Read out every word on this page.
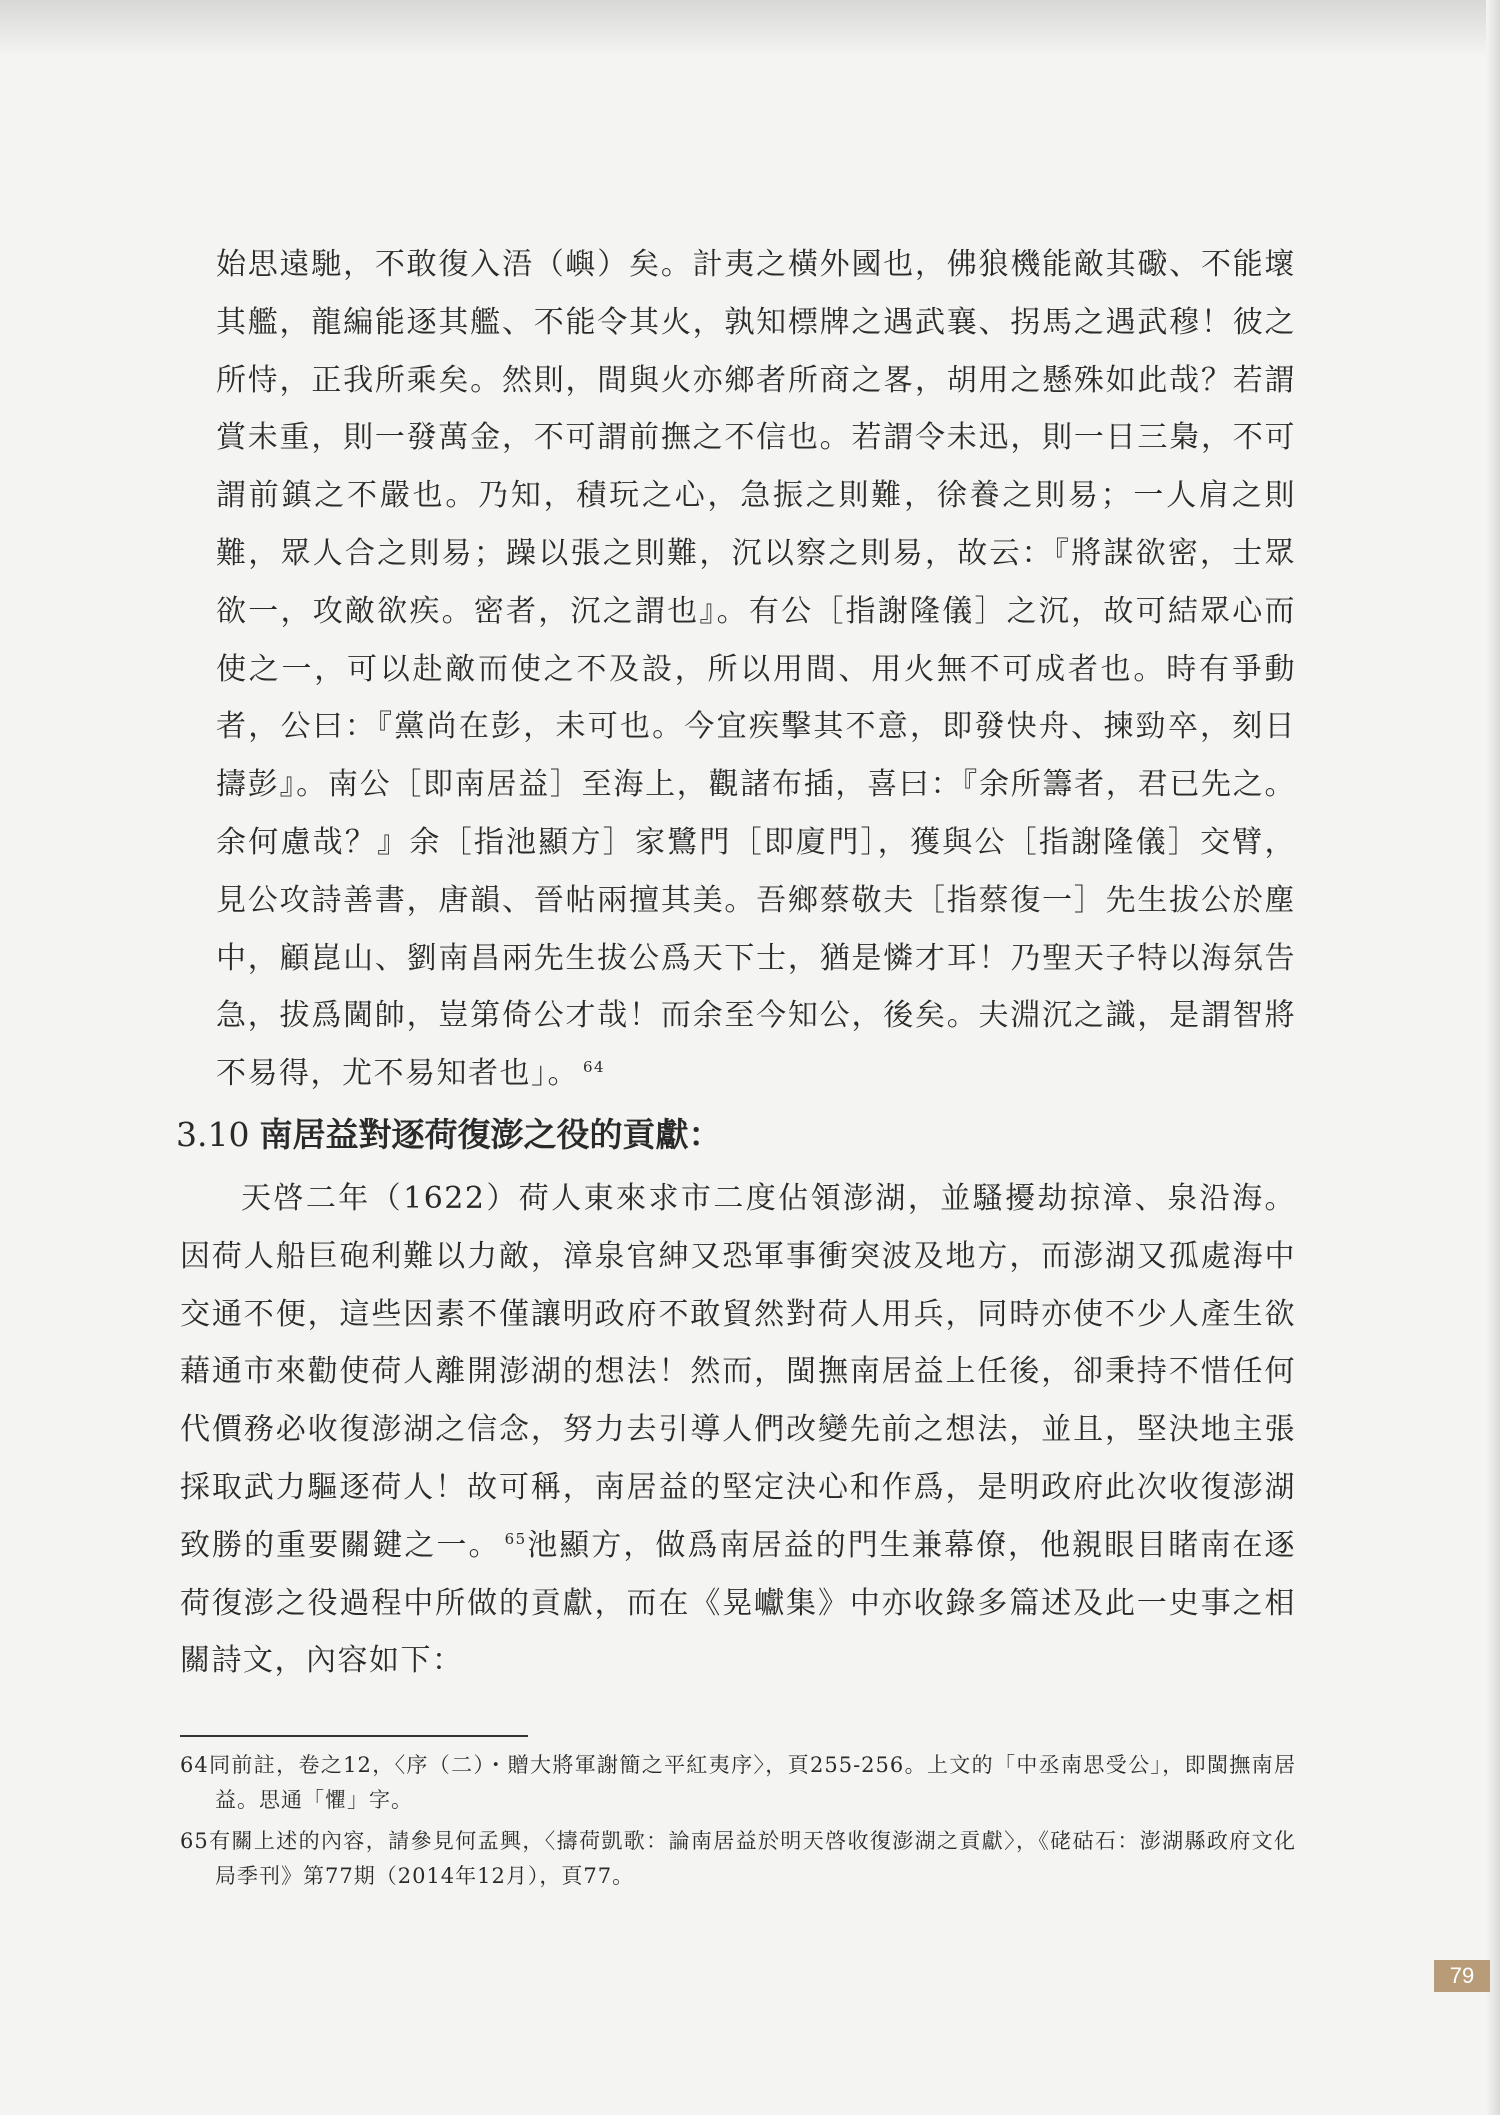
始思遠馳，不敢復入浯（嶼）矣。計夷之橫外國也，佛狼機能敵其礮、不能壞其艦，龍編能逐其艦、不能令其火，孰知標牌之遇武襄、拐馬之遇武穆！彼之所恃，正我所乘矣。然則，間與火亦鄉者所商之畧，胡用之懸殊如此哉？若謂賞未重，則一發萬金，不可謂前撫之不信也。若謂令未迅，則一日三梟，不可謂前鎮之不嚴也。乃知，積玩之心，急振之則難，徐養之則易；一人肩之則難，眾人合之則易；躁以張之則難，沉以察之則易，故云：『將謀欲密，士眾欲一，攻敵欲疾。密者，沉之謂也』。有公［指謝隆儀］之沉，故可結眾心而使之一，可以赴敵而使之不及設，所以用間、用火無不可成者也。時有爭動者，公曰：『黨尚在彭，未可也。今宜疾擊其不意，即發快舟、揀勁卒，刻日擣彭』。南公［即南居益］至海上，觀諸布插，喜曰：『余所籌者，君已先之。余何慮哉？』余［指池顯方］家鷺門［即廈門］，獲與公［指謝隆儀］交臂，見公攻詩善書，唐韻、晉帖兩擅其美。吾鄉蔡敬夫［指蔡復一］先生拔公於塵中，顧崑山、劉南昌兩先生拔公爲天下士，猶是憐才耳！乃聖天子特以海氛告急，拔爲閫帥，豈第倚公才哉！而余至今知公，後矣。夫淵沉之識，是謂智將不易得，尤不易知者也」。 $^{64}$

3.10 南居益對逐荷復澎之役的貢獻：

天啓二年（1622）荷人東來求市二度佔領澎湖，並騷擾劫掠漳、泉沿海。因荷人船巨砲利難以力敵，漳泉官紳又恐軍事衝突波及地方，而澎湖又孤處海中交通不便，這些因素不僅讓明政府不敢貿然對荷人用兵，同時亦使不少人產生欲藉通市來勸使荷人離開澎湖的想法！然而，閩撫南居益上任後，卻秉持不惜任何代價務必收復澎湖之信念，努力去引導人們改變先前之想法，並且，堅決地主張採取武力驅逐荷人！故可稱，南居益的堅定決心和作爲，是明政府此次收復澎湖致勝的重要關鍵之一。 $^{65}$池顯方，做爲南居益的門生兼幕僚，他親眼目睹南在逐荷復澎之役過程中所做的貢獻，而在《晃巘集》中亦收錄多篇述及此一史事之相關詩文，內容如下：

64同前註，卷之12，〈序（二）・贈大將軍謝簡之平紅夷序〉，頁255-256。上文的「中丞南思受公」，即閩撫南居益。思通「懼」字。

65有關上述的內容，請參見何孟興，〈擣荷凱歌：論南居益於明天啓收復澎湖之貢獻〉，《硓𥑮石：澎湖縣政府文化局季刊》第77期（2014年12月），頁77。

79
